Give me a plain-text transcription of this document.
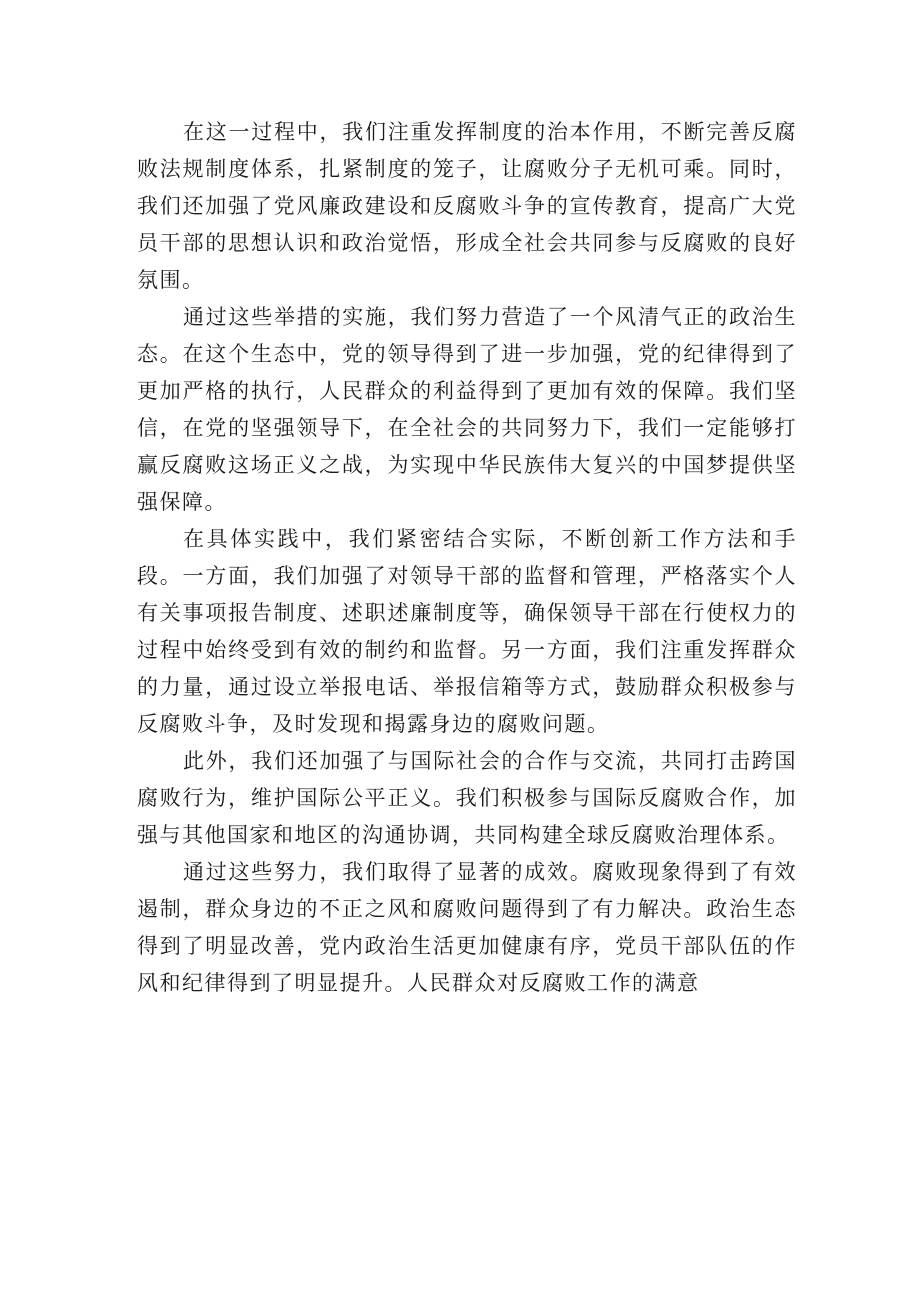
在这一过程中，我们注重发挥制度的治本作用，不断完善反腐败法规制度体系，扎紧制度的笼子，让腐败分子无机可乘。同时，我们还加强了党风廉政建设和反腐败斗争的宣传教育，提高广大党员干部的思想认识和政治觉悟，形成全社会共同参与反腐败的良好氛围。

通过这些举措的实施，我们努力营造了一个风清气正的政治生态。在这个生态中，党的领导得到了进一步加强，党的纪律得到了更加严格的执行，人民群众的利益得到了更加有效的保障。我们坚信，在党的坚强领导下，在全社会的共同努力下，我们一定能够打赢反腐败这场正义之战，为实现中华民族伟大复兴的中国梦提供坚强保障。

在具体实践中，我们紧密结合实际，不断创新工作方法和手段。一方面，我们加强了对领导干部的监督和管理，严格落实个人有关事项报告制度、述职述廉制度等，确保领导干部在行使权力的过程中始终受到有效的制约和监督。另一方面，我们注重发挥群众的力量，通过设立举报电话、举报信箱等方式，鼓励群众积极参与反腐败斗争，及时发现和揭露身边的腐败问题。

此外，我们还加强了与国际社会的合作与交流，共同打击跨国腐败行为，维护国际公平正义。我们积极参与国际反腐败合作，加强与其他国家和地区的沟通协调，共同构建全球反腐败治理体系。

通过这些努力，我们取得了显著的成效。腐败现象得到了有效遏制，群众身边的不正之风和腐败问题得到了有力解决。政治生态得到了明显改善，党内政治生活更加健康有序，党员干部队伍的作风和纪律得到了明显提升。人民群众对反腐败工作的满意
